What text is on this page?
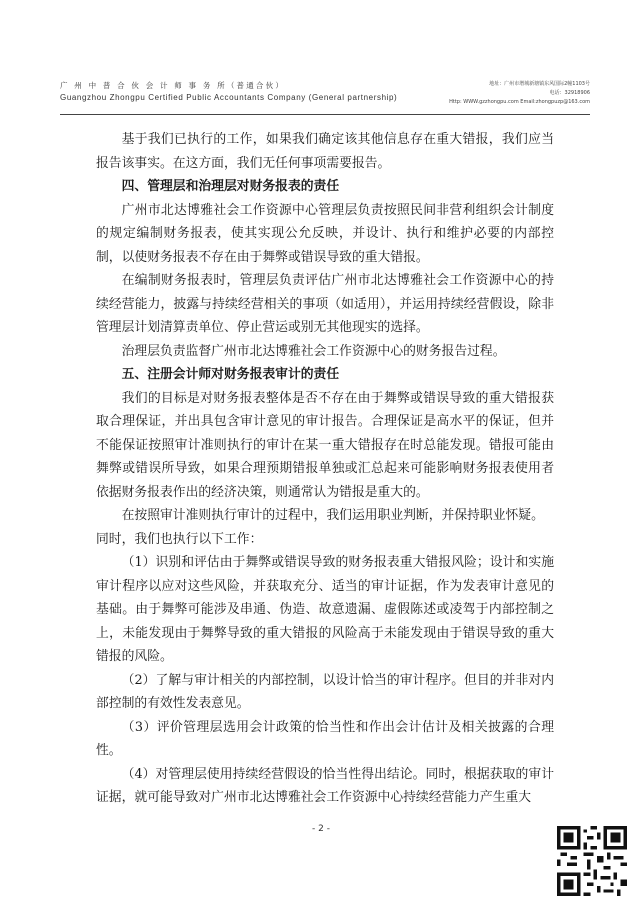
广 州 中 普 合 伙 会 计 师 事 务 所（普通合伙）
Guangzhou Zhongpu Certified Public Accountants Company (General partnership)
地址：广州市增城新塘镇东风国际2幢1103号
电话：32918906
Http: WWW.gzzhongpu.com Email:zhongpuzp@163.com

基于我们已执行的工作，如果我们确定该其他信息存在重大错报，我们应当报告该事实。在这方面，我们无任何事项需要报告。

四、管理层和治理层对财务报表的责任

广州市北达博雅社会工作资源中心管理层负责按照民间非营利组织会计制度的规定编制财务报表，使其实现公允反映，并设计、执行和维护必要的内部控制，以使财务报表不存在由于舞弊或错误导致的重大错报。

在编制财务报表时，管理层负责评估广州市北达博雅社会工作资源中心的持续经营能力，披露与持续经营相关的事项（如适用），并运用持续经营假设，除非管理层计划清算责单位、停止营运或别无其他现实的选择。

治理层负责监督广州市北达博雅社会工作资源中心的财务报告过程。

五、注册会计师对财务报表审计的责任

我们的目标是对财务报表整体是否不存在由于舞弊或错误导致的重大错报获取合理保证，并出具包含审计意见的审计报告。合理保证是高水平的保证，但并不能保证按照审计准则执行的审计在某一重大错报存在时总能发现。错报可能由舞弊或错误所导致，如果合理预期错报单独或汇总起来可能影响财务报表使用者依据财务报表作出的经济决策，则通常认为错报是重大的。

在按照审计准则执行审计的过程中，我们运用职业判断，并保持职业怀疑。

同时，我们也执行以下工作：

（1）识别和评估由于舞弊或错误导致的财务报表重大错报风险；设计和实施审计程序以应对这些风险，并获取充分、适当的审计证据，作为发表审计意见的基础。由于舞弊可能涉及串通、伪造、故意遗漏、虚假陈述或凌驾于内部控制之上，未能发现由于舞弊导致的重大错报的风险高于未能发现由于错误导致的重大错报的风险。

（2）了解与审计相关的内部控制，以设计恰当的审计程序。但目的并非对内部控制的有效性发表意见。

（3）评价管理层选用会计政策的恰当性和作出会计估计及相关披露的合理性。

（4）对管理层使用持续经营假设的恰当性得出结论。同时，根据获取的审计证据，就可能导致对广州市北达博雅社会工作资源中心持续经营能力产生重大

- 2 -
